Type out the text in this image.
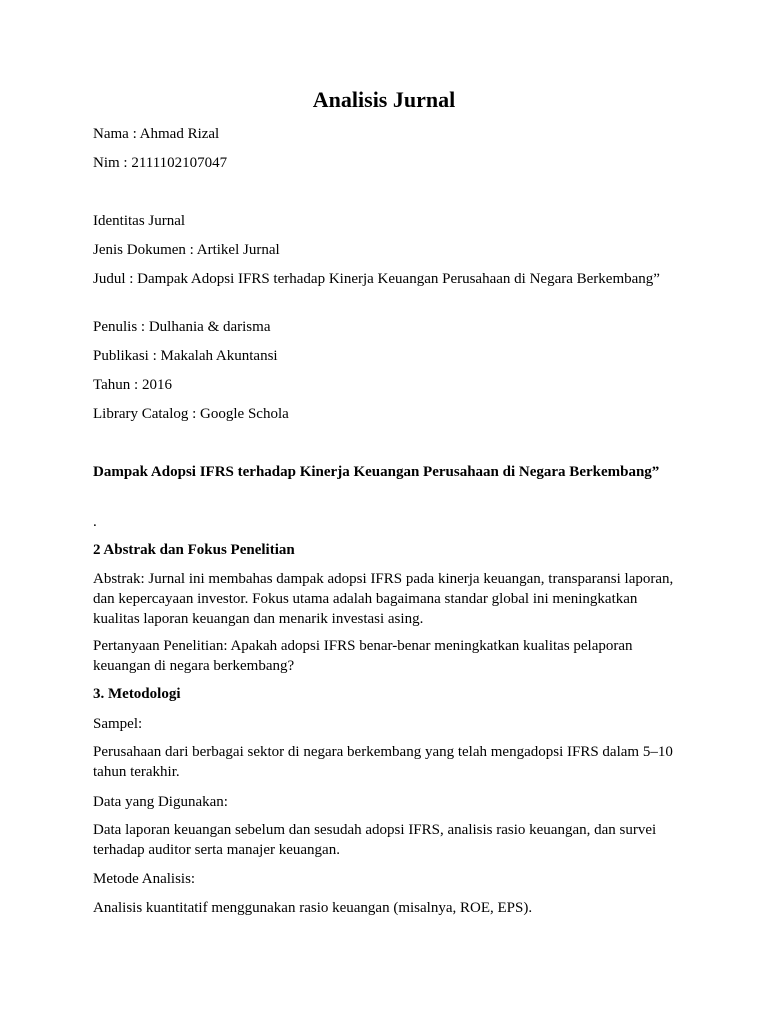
Analisis Jurnal

Nama : Ahmad Rizal

Nim : 2111102107047

Identitas Jurnal

Jenis Dokumen : Artikel Jurnal

Judul : Dampak Adopsi IFRS terhadap Kinerja Keuangan Perusahaan di Negara Berkembang”

Penulis : Dulhania & darisma

Publikasi : Makalah Akuntansi

Tahun : 2016

Library Catalog : Google Schola

Dampak Adopsi IFRS terhadap Kinerja Keuangan Perusahaan di Negara Berkembang”

.

2 Abstrak dan Fokus Penelitian

Abstrak: Jurnal ini membahas dampak adopsi IFRS pada kinerja keuangan, transparansi laporan, dan kepercayaan investor. Fokus utama adalah bagaimana standar global ini meningkatkan kualitas laporan keuangan dan menarik investasi asing.

Pertanyaan Penelitian: Apakah adopsi IFRS benar-benar meningkatkan kualitas pelaporan keuangan di negara berkembang?

3. Metodologi

Sampel:

Perusahaan dari berbagai sektor di negara berkembang yang telah mengadopsi IFRS dalam 5–10 tahun terakhir.

Data yang Digunakan:

Data laporan keuangan sebelum dan sesudah adopsi IFRS, analisis rasio keuangan, dan survei terhadap auditor serta manajer keuangan.

Metode Analisis:

Analisis kuantitatif menggunakan rasio keuangan (misalnya, ROE, EPS).
